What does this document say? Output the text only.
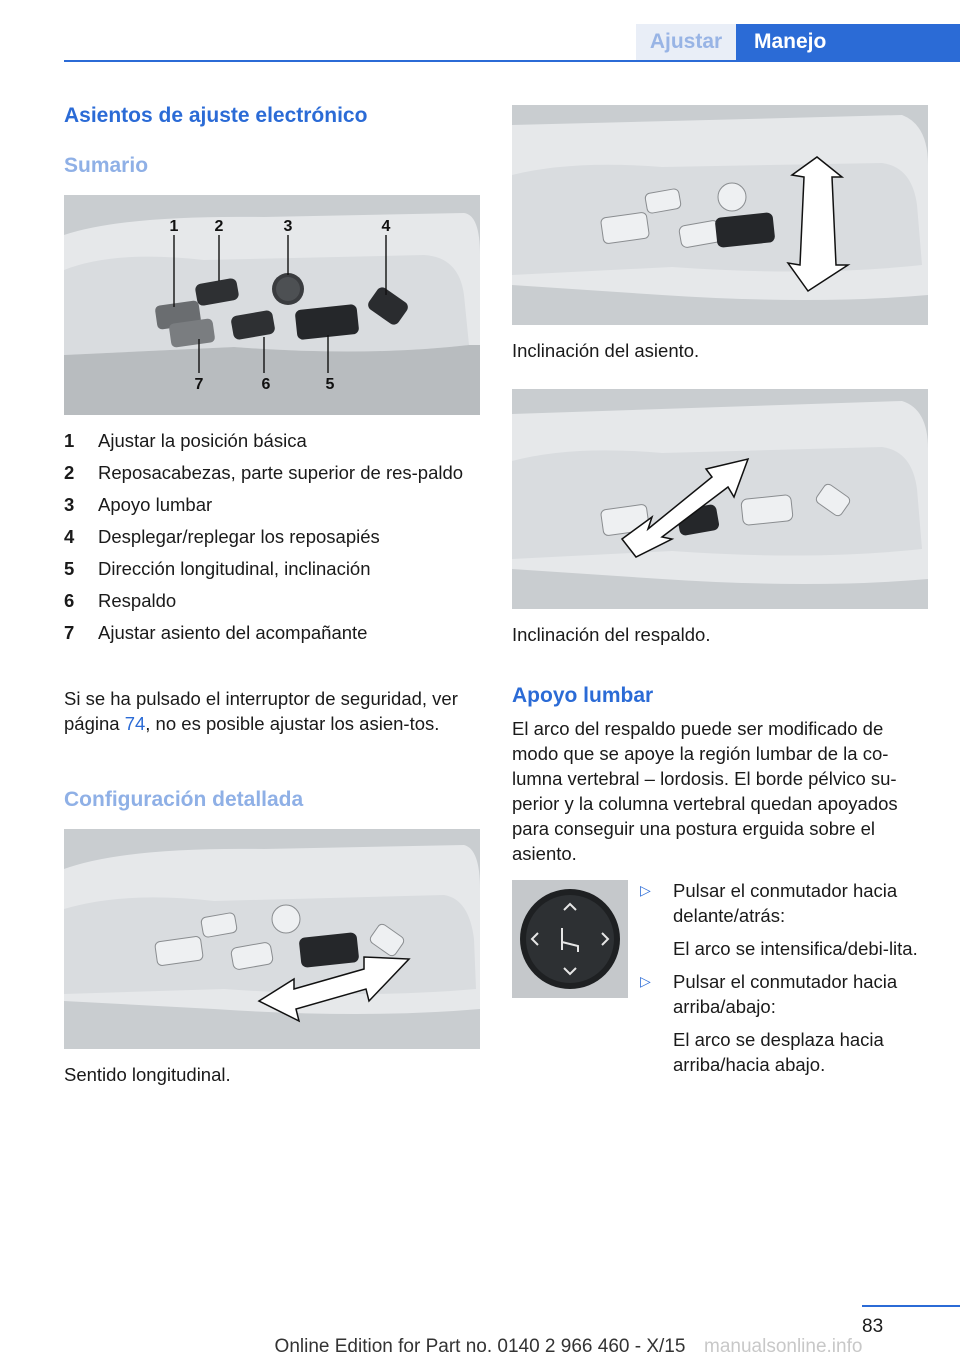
Ajustar	Manejo
Asientos de ajuste electrónico
Sumario
1 2	3	4
7	6	5
1 Ajustar la posición básica
2 Reposacabezas, parte superior de res-paldo
3 Apoyo lumbar
4 Desplegar/replegar los reposapiés
5 Dirección longitudinal, inclinación
6 Respaldo
7 Ajustar asiento del acompañante

Si se ha pulsado el interruptor de seguridad, ver página 74, no es posible ajustar los asien-tos.

Configuración detallada

Sentido longitudinal.

Inclinación del asiento.

Inclinación del respaldo.

Apoyo lumbar

El arco del respaldo puede ser modificado de modo que se apoye la región lumbar de la co-lumna vertebral – lordosis. El borde pélvico su-perior y la columna vertebral quedan apoyados para conseguir una postura erguida sobre el asiento.

▷ Pulsar el conmutador hacia delante/atrás:
El arco se intensifica/debi-lita.
▷ Pulsar el conmutador hacia arriba/abajo:
El arco se desplaza hacia arriba/hacia abajo.
83
Online Edition for Part no. 0140 2 966 460 - X/15 manualsonline.info
